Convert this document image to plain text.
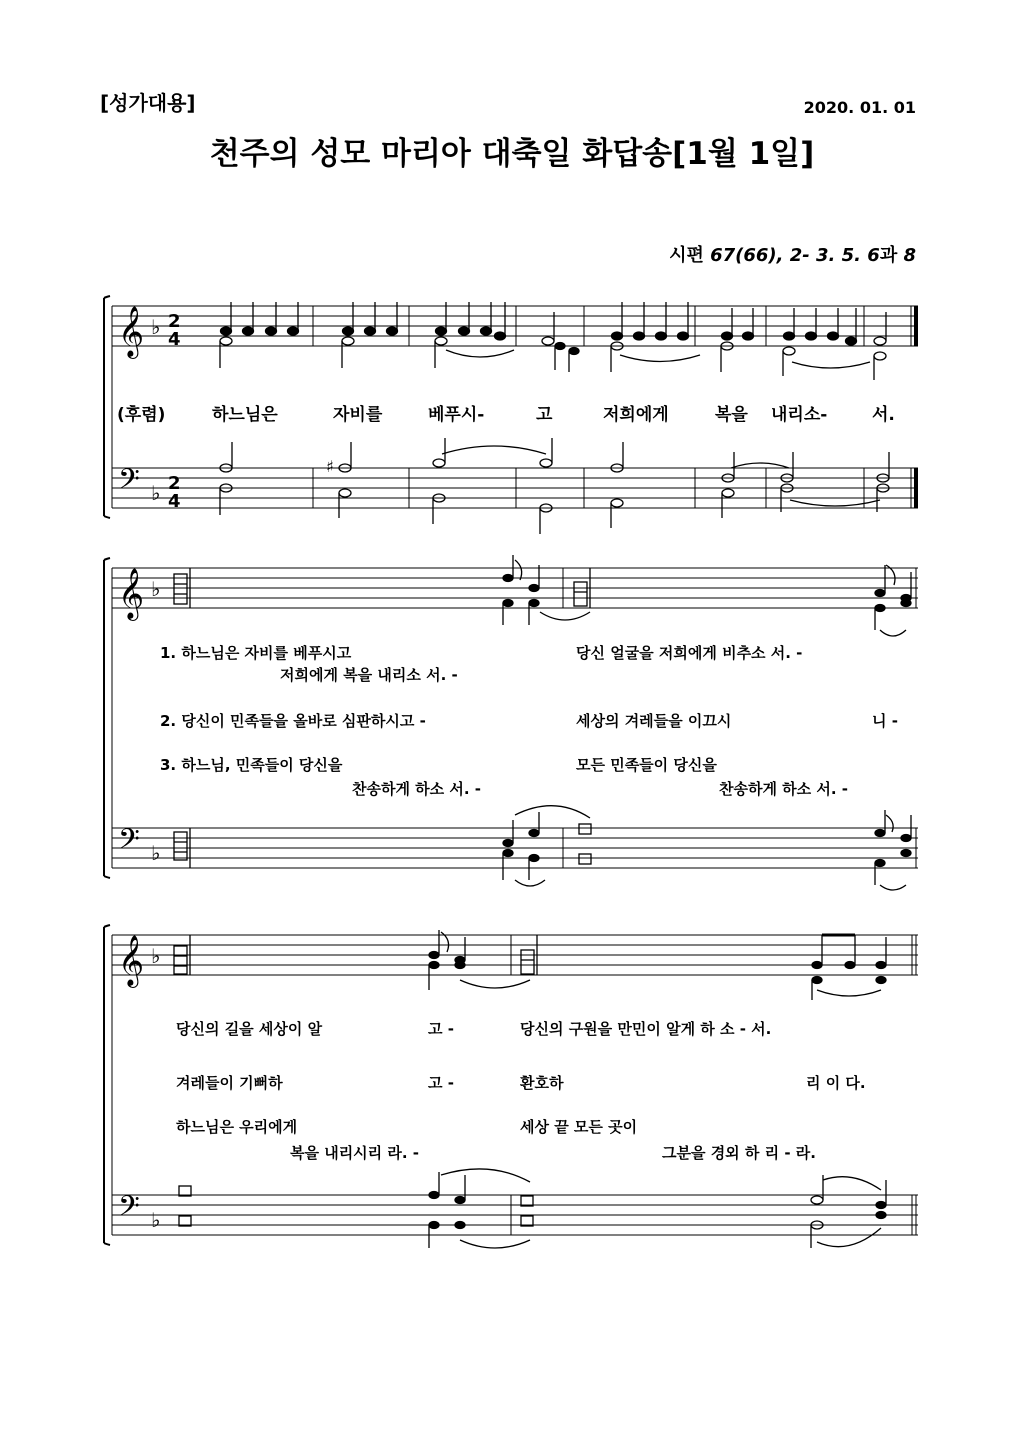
[성가대용]	2020. 01. 01
천주의 성모 마리아 대축일 화답송[1월 1일]
시편 67(66), 2- 3. 5. 6과 8
𝄞
𝄢
♭
♭
2
4
2
4
𝄞
𝄢
♭
♭
𝄞
𝄢
♭
♭
♯
(후렴)	하느님은	자비를	베푸시-	고	저희에게	복을 내리소-	서.
1. 하느님은 자비를 베푸시고
저희에게 복을 내리소 서. -
당신 얼굴을 저희에게 비추소 서. -
2. 당신이 민족들을 올바로 심판하시고 -	세상의 겨레들을 이끄시	니 -
3. 하느님, 민족들이 당신을
찬송하게 하소 서. -
모든 민족들이 당신을
찬송하게 하소 서. -
당신의 길을 세상이 알	고 -	당신의 구원을 만민이 알게 하 소 - 서.
겨레들이 기뻐하	고 -	환호하	리 이 다.
하느님은 우리에게
복을 내리시리 라. -
세상 끝 모든 곳이
그분을 경외 하 리 - 라.
